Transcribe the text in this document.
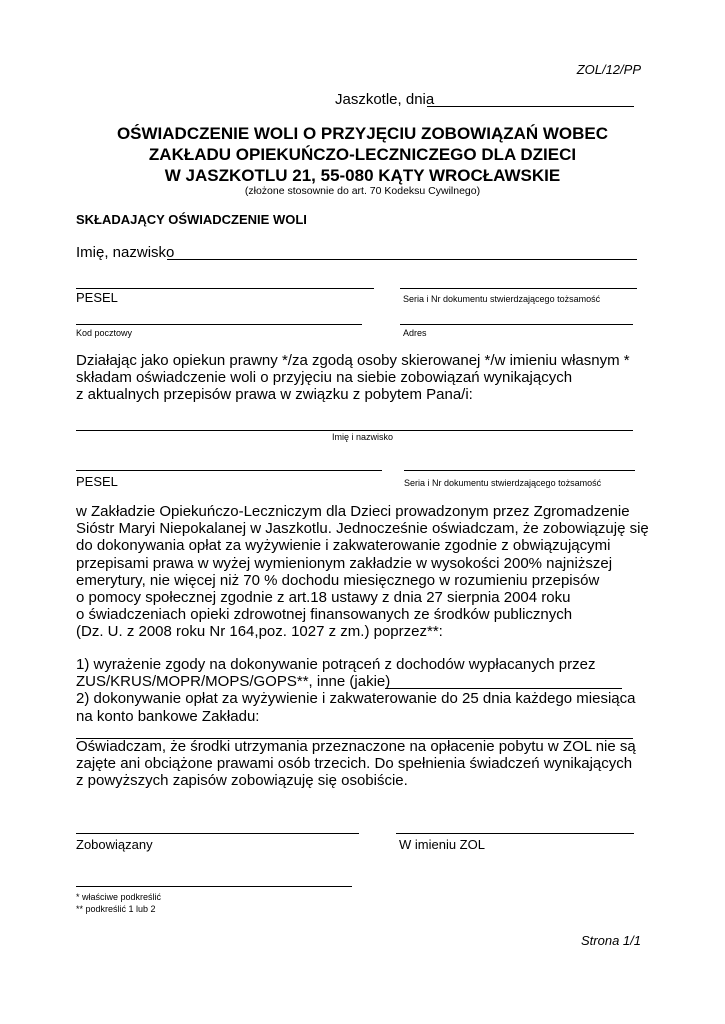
ZOL/12/PP
Jaszkotle, dnia
OŚWIADCZENIE WOLI O PRZYJĘCIU ZOBOWIĄZAŃ WOBEC
ZAKŁADU OPIEKUŃCZO-LECZNICZEGO DLA DZIECI
W JASZKOTLU 21, 55-080 KĄTY WROCŁAWSKIE
(złożone stosownie do art. 70 Kodeksu Cywilnego)
SKŁADAJĄCY OŚWIADCZENIE WOLI
Imię, nazwisko
PESEL	Seria i Nr dokumentu stwierdzającego tożsamość
Kod pocztowy	Adres
Działając jako opiekun prawny */za zgodą osoby skierowanej */w imieniu własnym *
składam oświadczenie woli o przyjęciu na siebie zobowiązań wynikających
z aktualnych przepisów prawa w związku z pobytem Pana/i:
Imię i nazwisko
PESEL	Seria i Nr dokumentu stwierdzającego tożsamość
w Zakładzie Opiekuńczo-Leczniczym dla Dzieci prowadzonym przez Zgromadzenie
Sióstr Maryi Niepokalanej w Jaszkotlu. Jednocześnie oświadczam, że zobowiązuję się
do dokonywania opłat za wyżywienie i zakwaterowanie zgodnie z obwiązującymi
przepisami prawa w wyżej wymienionym zakładzie w wysokości 200% najniższej
emerytury, nie więcej niż 70 % dochodu miesięcznego w rozumieniu przepisów
o pomocy społecznej zgodnie z art.18 ustawy z dnia 27 sierpnia 2004 roku
o świadczeniach opieki zdrowotnej finansowanych ze środków publicznych
(Dz. U. z 2008 roku Nr 164,poz. 1027 z zm.) poprzez**:
1) wyrażenie zgody na dokonywanie potrąceń z dochodów wypłacanych przez
ZUS/KRUS/MOPR/MOPS/GOPS**, inne (jakie)
2) dokonywanie opłat za wyżywienie i zakwaterowanie do 25 dnia każdego miesiąca
na konto bankowe Zakładu:
Oświadczam, że środki utrzymania przeznaczone na opłacenie pobytu w ZOL nie są
zajęte ani obciążone prawami osób trzecich. Do spełnienia świadczeń wynikających
z powyższych zapisów zobowiązuję się osobiście.
Zobowiązany	W imieniu ZOL
* właściwe podkreślić
** podkreślić 1 lub 2
Strona 1/1
